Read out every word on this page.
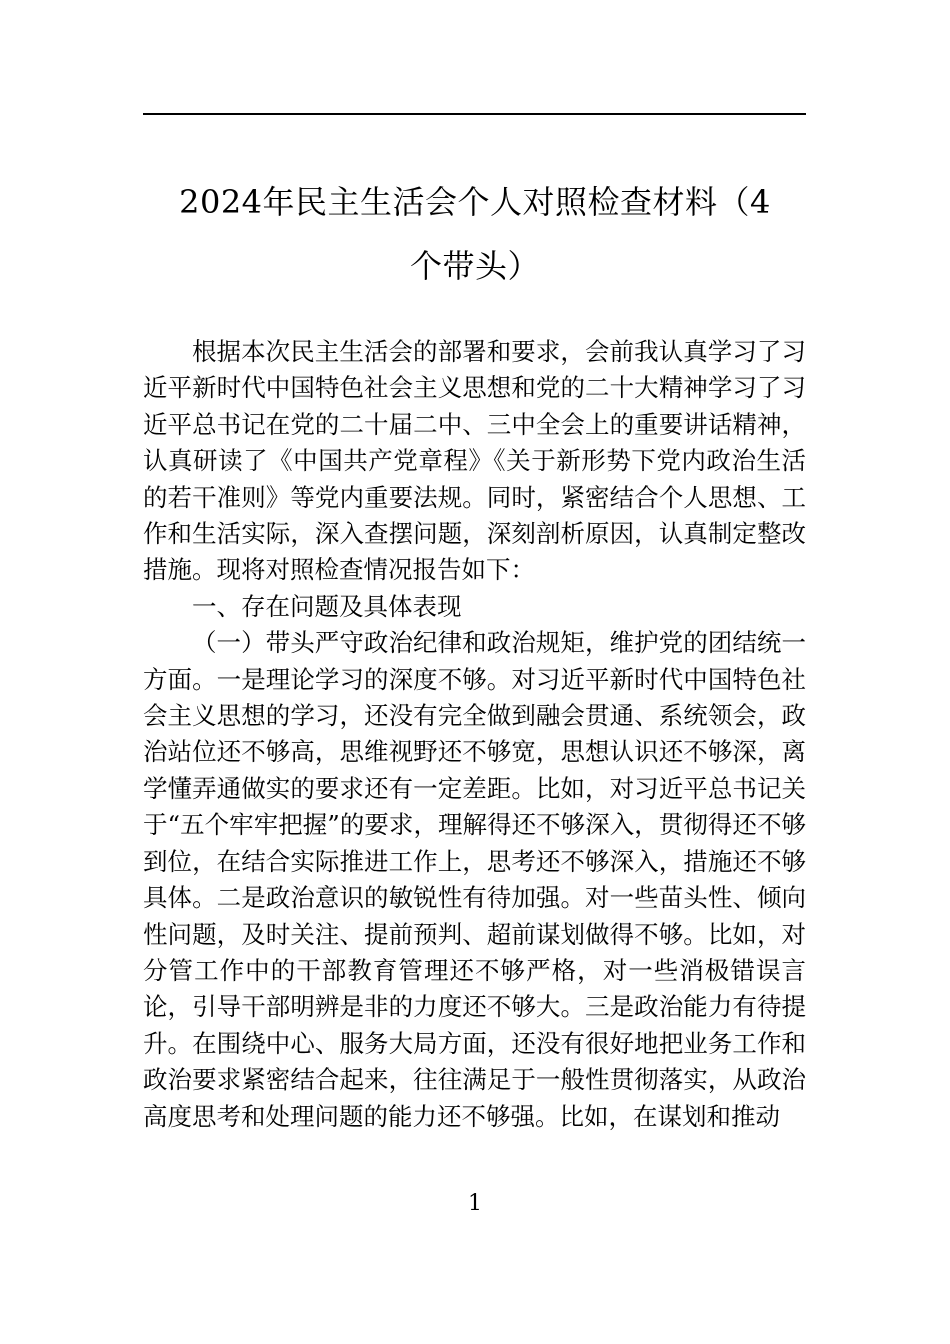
2024年民主生活会个人对照检查材料（4
个带头）

根据本次民主生活会的部署和要求，会前我认真学习了习近平新时代中国特色社会主义思想和党的二十大精神学习了习近平总书记在党的二十届二中、三中全会上的重要讲话精神，认真研读了《中国共产党章程》《关于新形势下党内政治生活的若干准则》等党内重要法规。同时，紧密结合个人思想、工作和生活实际，深入查摆问题，深刻剖析原因，认真制定整改措施。现将对照检查情况报告如下：

一、存在问题及具体表现

（一）带头严守政治纪律和政治规矩，维护党的团结统一方面。一是理论学习的深度不够。对习近平新时代中国特色社会主义思想的学习，还没有完全做到融会贯通、系统领会，政治站位还不够高，思维视野还不够宽，思想认识还不够深，离学懂弄通做实的要求还有一定差距。比如，对习近平总书记关于“五个牢牢把握”的要求，理解得还不够深入，贯彻得还不够到位，在结合实际推进工作上，思考还不够深入，措施还不够具体。二是政治意识的敏锐性有待加强。对一些苗头性、倾向性问题，及时关注、提前预判、超前谋划做得不够。比如，对分管工作中的干部教育管理还不够严格，对一些消极错误言论，引导干部明辨是非的力度还不够大。三是政治能力有待提升。在围绕中心、服务大局方面，还没有很好地把业务工作和政治要求紧密结合起来，往往满足于一般性贯彻落实，从政治高度思考和处理问题的能力还不够强。比如，在谋划和推动

1
